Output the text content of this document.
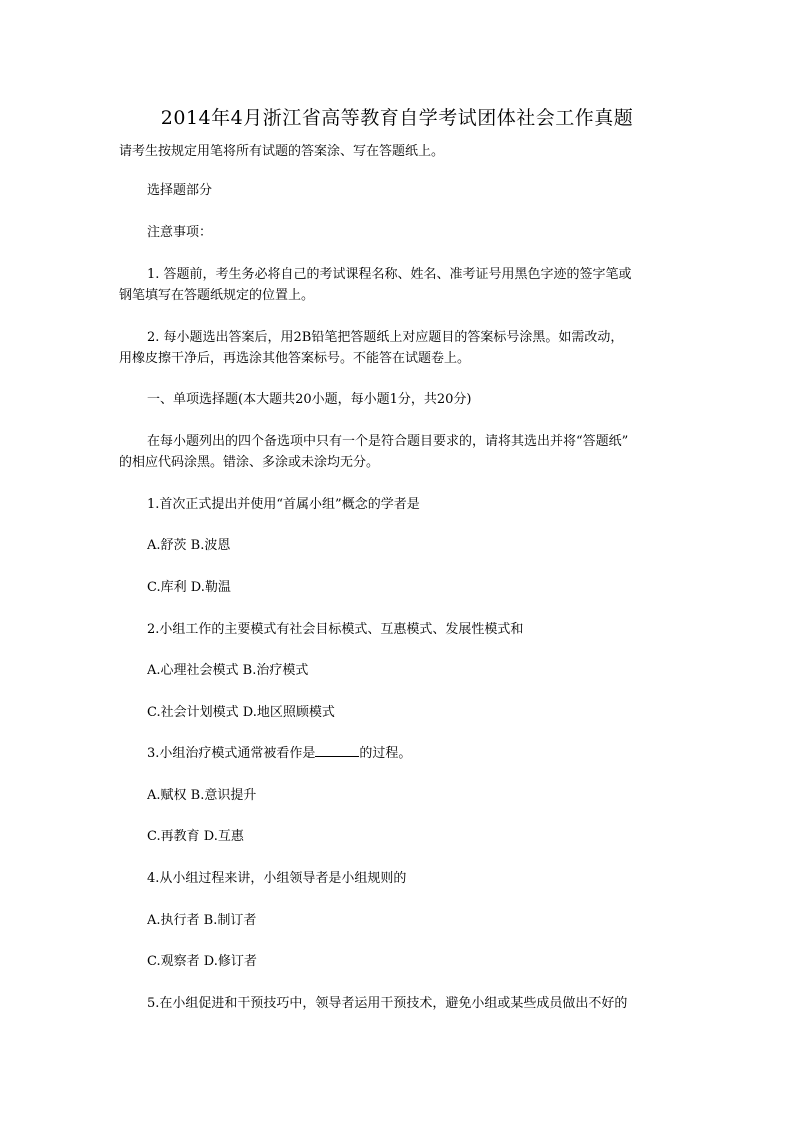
2014年4月浙江省高等教育自学考试团体社会工作真题
请考生按规定用笔将所有试题的答案涂、写在答题纸上。
选择题部分
注意事项：
1. 答题前，考生务必将自己的考试课程名称、姓名、准考证号用黑色字迹的签字笔或
钢笔填写在答题纸规定的位置上。
2. 每小题选出答案后，用2B铅笔把答题纸上对应题目的答案标号涂黑。如需改动，
用橡皮擦干净后，再选涂其他答案标号。不能答在试题卷上。
一、单项选择题(本大题共20小题，每小题1分，共20分)
在每小题列出的四个备选项中只有一个是符合题目要求的，请将其选出并将“答题纸”
的相应代码涂黑。错涂、多涂或未涂均无分。
1.首次正式提出并使用“首属小组”概念的学者是
A.舒茨 B.波恩
C.库利 D.勒温
2.小组工作的主要模式有社会目标模式、互惠模式、发展性模式和
A.心理社会模式 B.治疗模式
C.社会计划模式 D.地区照顾模式
3.小组治疗模式通常被看作是	的过程。
A.赋权 B.意识提升
C.再教育 D.互惠
4.从小组过程来讲，小组领导者是小组规则的
A.执行者 B.制订者
C.观察者 D.修订者
5.在小组促进和干预技巧中，领导者运用干预技术，避免小组或某些成员做出不好的
